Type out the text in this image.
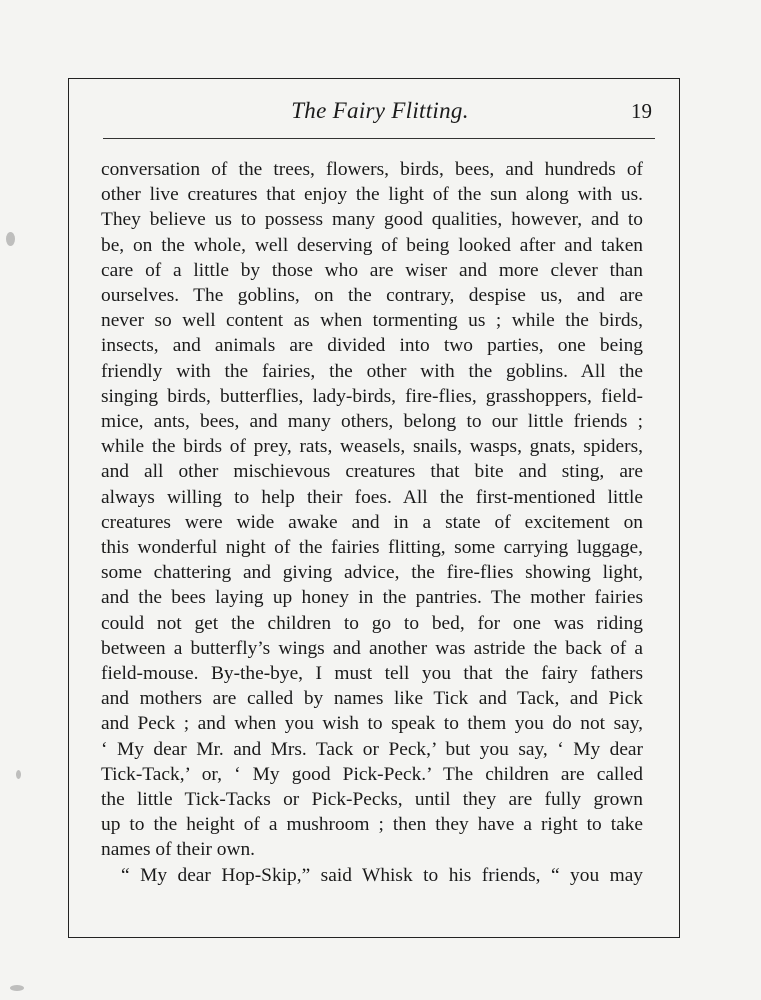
The Fairy Flitting.	19
conversation of the trees, flowers, birds, bees, and hundreds of
other live creatures that enjoy the light of the sun along with us.
They believe us to possess many good qualities, however, and to
be, on the whole, well deserving of being looked after and taken
care of a little by those who are wiser and more clever than
ourselves. The goblins, on the contrary, despise us, and are
never so well content as when tormenting us ; while the birds,
insects, and animals are divided into two parties, one being
friendly with the fairies, the other with the goblins. All the
singing birds, butterflies, lady-birds, fire-flies, grasshoppers, field-
mice, ants, bees, and many others, belong to our little friends ;
while the birds of prey, rats, weasels, snails, wasps, gnats, spiders,
and all other mischievous creatures that bite and sting, are
always willing to help their foes. All the first-mentioned little
creatures were wide awake and in a state of excitement on
this wonderful night of the fairies flitting, some carrying luggage,
some chattering and giving advice, the fire-flies showing light,
and the bees laying up honey in the pantries. The mother fairies
could not get the children to go to bed, for one was riding
between a butterfly’s wings and another was astride the back of a
field-mouse. By-the-bye, I must tell you that the fairy fathers
and mothers are called by names like Tick and Tack, and Pick
and Peck ; and when you wish to speak to them you do not say,
‘ My dear Mr. and Mrs. Tack or Peck,’ but you say, ‘ My dear
Tick-Tack,’ or, ‘ My good Pick-Peck.’ The children are called
the little Tick-Tacks or Pick-Pecks, until they are fully grown
up to the height of a mushroom ; then they have a right to take
names of their own.
“ My dear Hop-Skip,” said Whisk to his friends, “ you may
